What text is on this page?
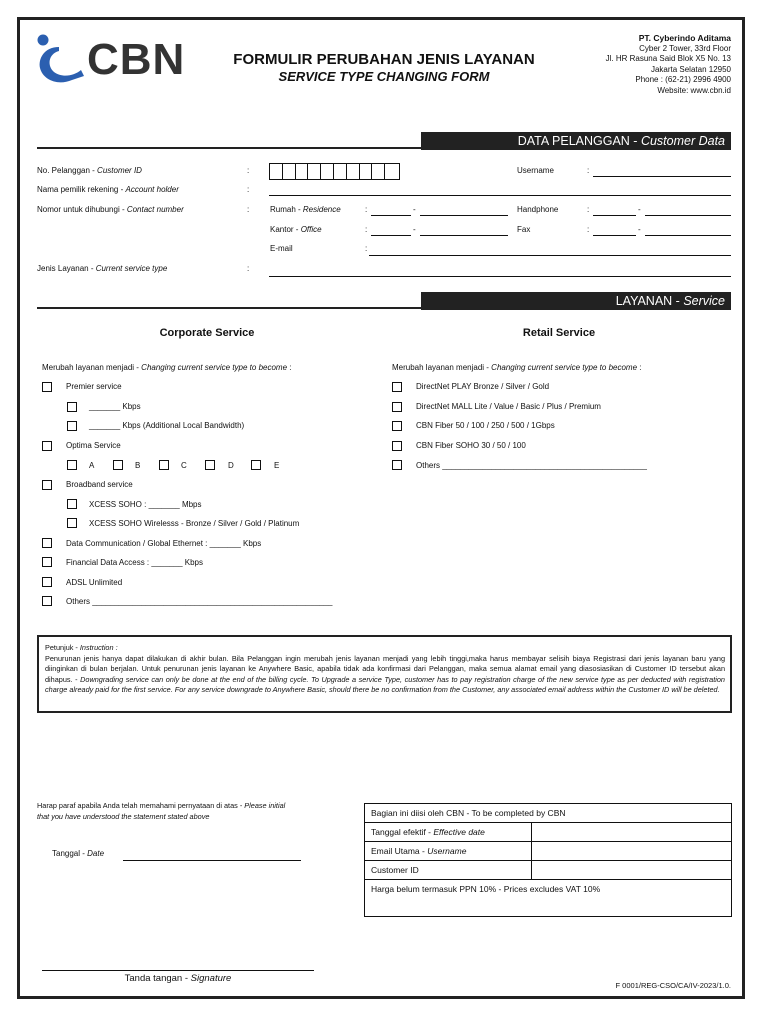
CBN	FORMULIR PERUBAHAN JENIS LAYANAN
SERVICE TYPE CHANGING FORM
PT. Cyberindo Aditama
Cyber 2 Tower, 33rd Floor
Jl. HR Rasuna Said Blok X5 No. 13
Jakarta Selatan 12950
Phone : (62-21) 2996 4900
Website: www.cbn.id
DATA PELANGGAN - Customer Data
No. Pelanggan - Customer ID	:	Username	:
Nama pemilik rekening - Account holder	:
Nomor untuk dihubungi - Contact number	:	Rumah - Residence	:	-	Handphone	:	-
Kantor - Office	:	-	Fax	:	-
E-mail	:
Jenis Layanan - Current service type	:
LAYANAN - Service
Corporate Service	Retail Service
Merubah layanan menjadi - Changing current service type to become :	Merubah layanan menjadi - Changing current service type to become :
Premier service
_______ Kbps
_______ Kbps (Additional Local Bandwidth)
Optima Service
A	B	C	D	E
Broadband service
XCESS SOHO : _______ Mbps
XCESS SOHO Wirelesss - Bronze / Silver / Gold / Platinum
Data Communication / Global Ethernet : _______ Kbps
Financial Data Access : _______ Kbps
ADSL Unlimited
Others ______________________________________________________
DirectNet PLAY Bronze / Silver / Gold
DirectNet MALL Lite / Value / Basic / Plus / Premium
CBN Fiber 50 / 100 / 250 / 500 / 1Gbps
CBN Fiber SOHO 30 / 50 / 100
Others ______________________________________________
Petunjuk - Instruction :
Penurunan jenis hanya dapat dilakukan di akhir bulan. Bila Pelanggan ingin merubah jenis layanan menjadi yang lebih tinggi,maka harus membayar selisih biaya Registrasi dari jenis layanan baru yang diinginkan di bulan berjalan. Untuk penurunan jenis layanan ke Anywhere Basic, apabila tidak ada konfirmasi dari Pelanggan, maka semua alamat email yang diasosiasikan di Customer ID tersebut akan dihapus. - Downgrading service can only be done at the end of the billing cycle. To Upgrade a service Type, customer has to pay registration charge of the new service type as per deducted with registration charge already paid for the first service. For any service downgrade to Anywhere Basic, should there be no confirmation from the Customer, any associated email address within the Customer ID will be deleted.
Harap paraf apabila Anda telah memahami pernyataan di atas - Please initial
that you have understood the statement stated above
Tanggal - Date
Tanda tangan - Signature
Bagian ini diisi oleh CBN - To be completed by CBN	
Tanggal efektif - Effective date	
Email Utama - Username	
Customer ID	
Harga belum termasuk PPN 10% - Prices excludes VAT 10%	
F 0001/REG-CSO/CA/IV-2023/1.0.
